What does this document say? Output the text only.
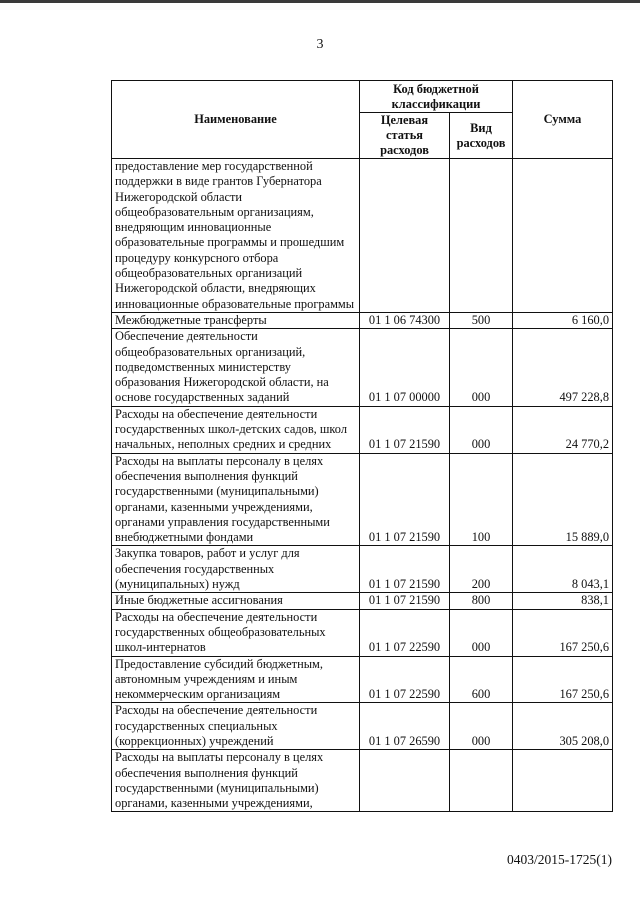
3
Наименование	Код бюджетной классификации		Сумма
	Целевая статья расходов	Вид расходов	
предоставление мер государственной поддержки в виде грантов Губернатора Нижегородской области общеобразовательным организациям, внедряющим инновационные образовательные программы и прошедшим процедуру конкурсного отбора общеобразовательных организаций Нижегородской области, внедряющих инновационные образовательные программы			
Межбюджетные трансферты	01 1 06 74300	500	6 160,0
Обеспечение деятельности общеобразовательных организаций, подведомственных министерству образования Нижегородской области, на основе государственных заданий	01 1 07 00000	000	497 228,8
Расходы на обеспечение деятельности государственных школ-детских садов, школ начальных, неполных средних и средних	01 1 07 21590	000	24 770,2
Расходы на выплаты персоналу в целях обеспечения выполнения функций государственными (муниципальными) органами, казенными учреждениями, органами управления государственными внебюджетными фондами	01 1 07 21590	100	15 889,0
Закупка товаров, работ и услуг для обеспечения государственных (муниципальных) нужд	01 1 07 21590	200	8 043,1
Иные бюджетные ассигнования	01 1 07 21590	800	838,1
Расходы на обеспечение деятельности государственных общеобразовательных школ-интернатов	01 1 07 22590	000	167 250,6
Предоставление субсидий бюджетным, автономным учреждениям и иным некоммерческим организациям	01 1 07 22590	600	167 250,6
Расходы на обеспечение деятельности государственных специальных (коррекционных) учреждений	01 1 07 26590	000	305 208,0
Расходы на выплаты персоналу в целях обеспечения выполнения функций государственными (муниципальными) органами, казенными учреждениями,			
0403/2015-1725(1)
